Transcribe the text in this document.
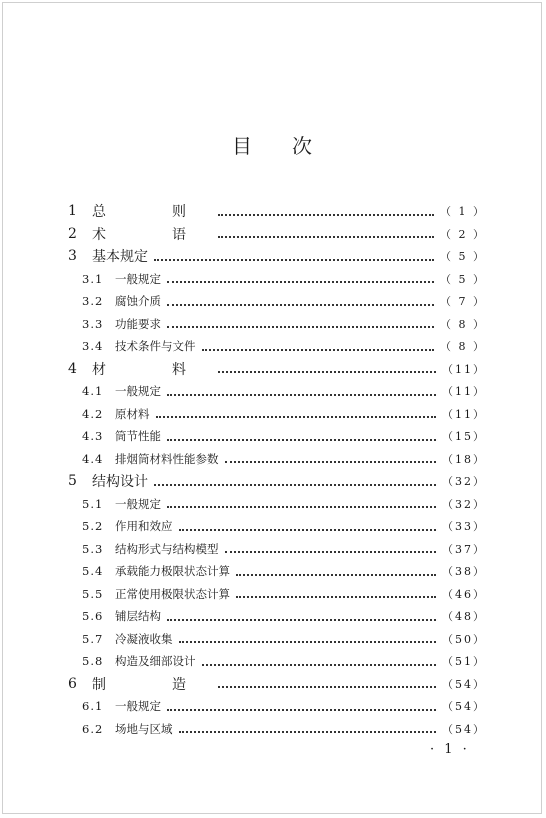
目 次
1	总　则	（ 1 ）
2	术　语	（ 2 ）
3	基本规定	（ 5 ）
3.1	一般规定	（ 5 ）
3.2	腐蚀介质	（ 7 ）
3.3	功能要求	（ 8 ）
3.4	技术条件与文件	（ 8 ）
4	材　料	（11）
4.1	一般规定	（11）
4.2	原材料	（11）
4.3	筒节性能	（15）
4.4	排烟筒材料性能参数	（18）
5	结构设计	（32）
5.1	一般规定	（32）
5.2	作用和效应	（33）
5.3	结构形式与结构模型	（37）
5.4	承载能力极限状态计算	（38）
5.5	正常使用极限状态计算	（46）
5.6	铺层结构	（48）
5.7	冷凝液收集	（50）
5.8	构造及细部设计	（51）
6	制　造	（54）
6.1	一般规定	（54）
6.2	场地与区域	（54）
· 1 ·
